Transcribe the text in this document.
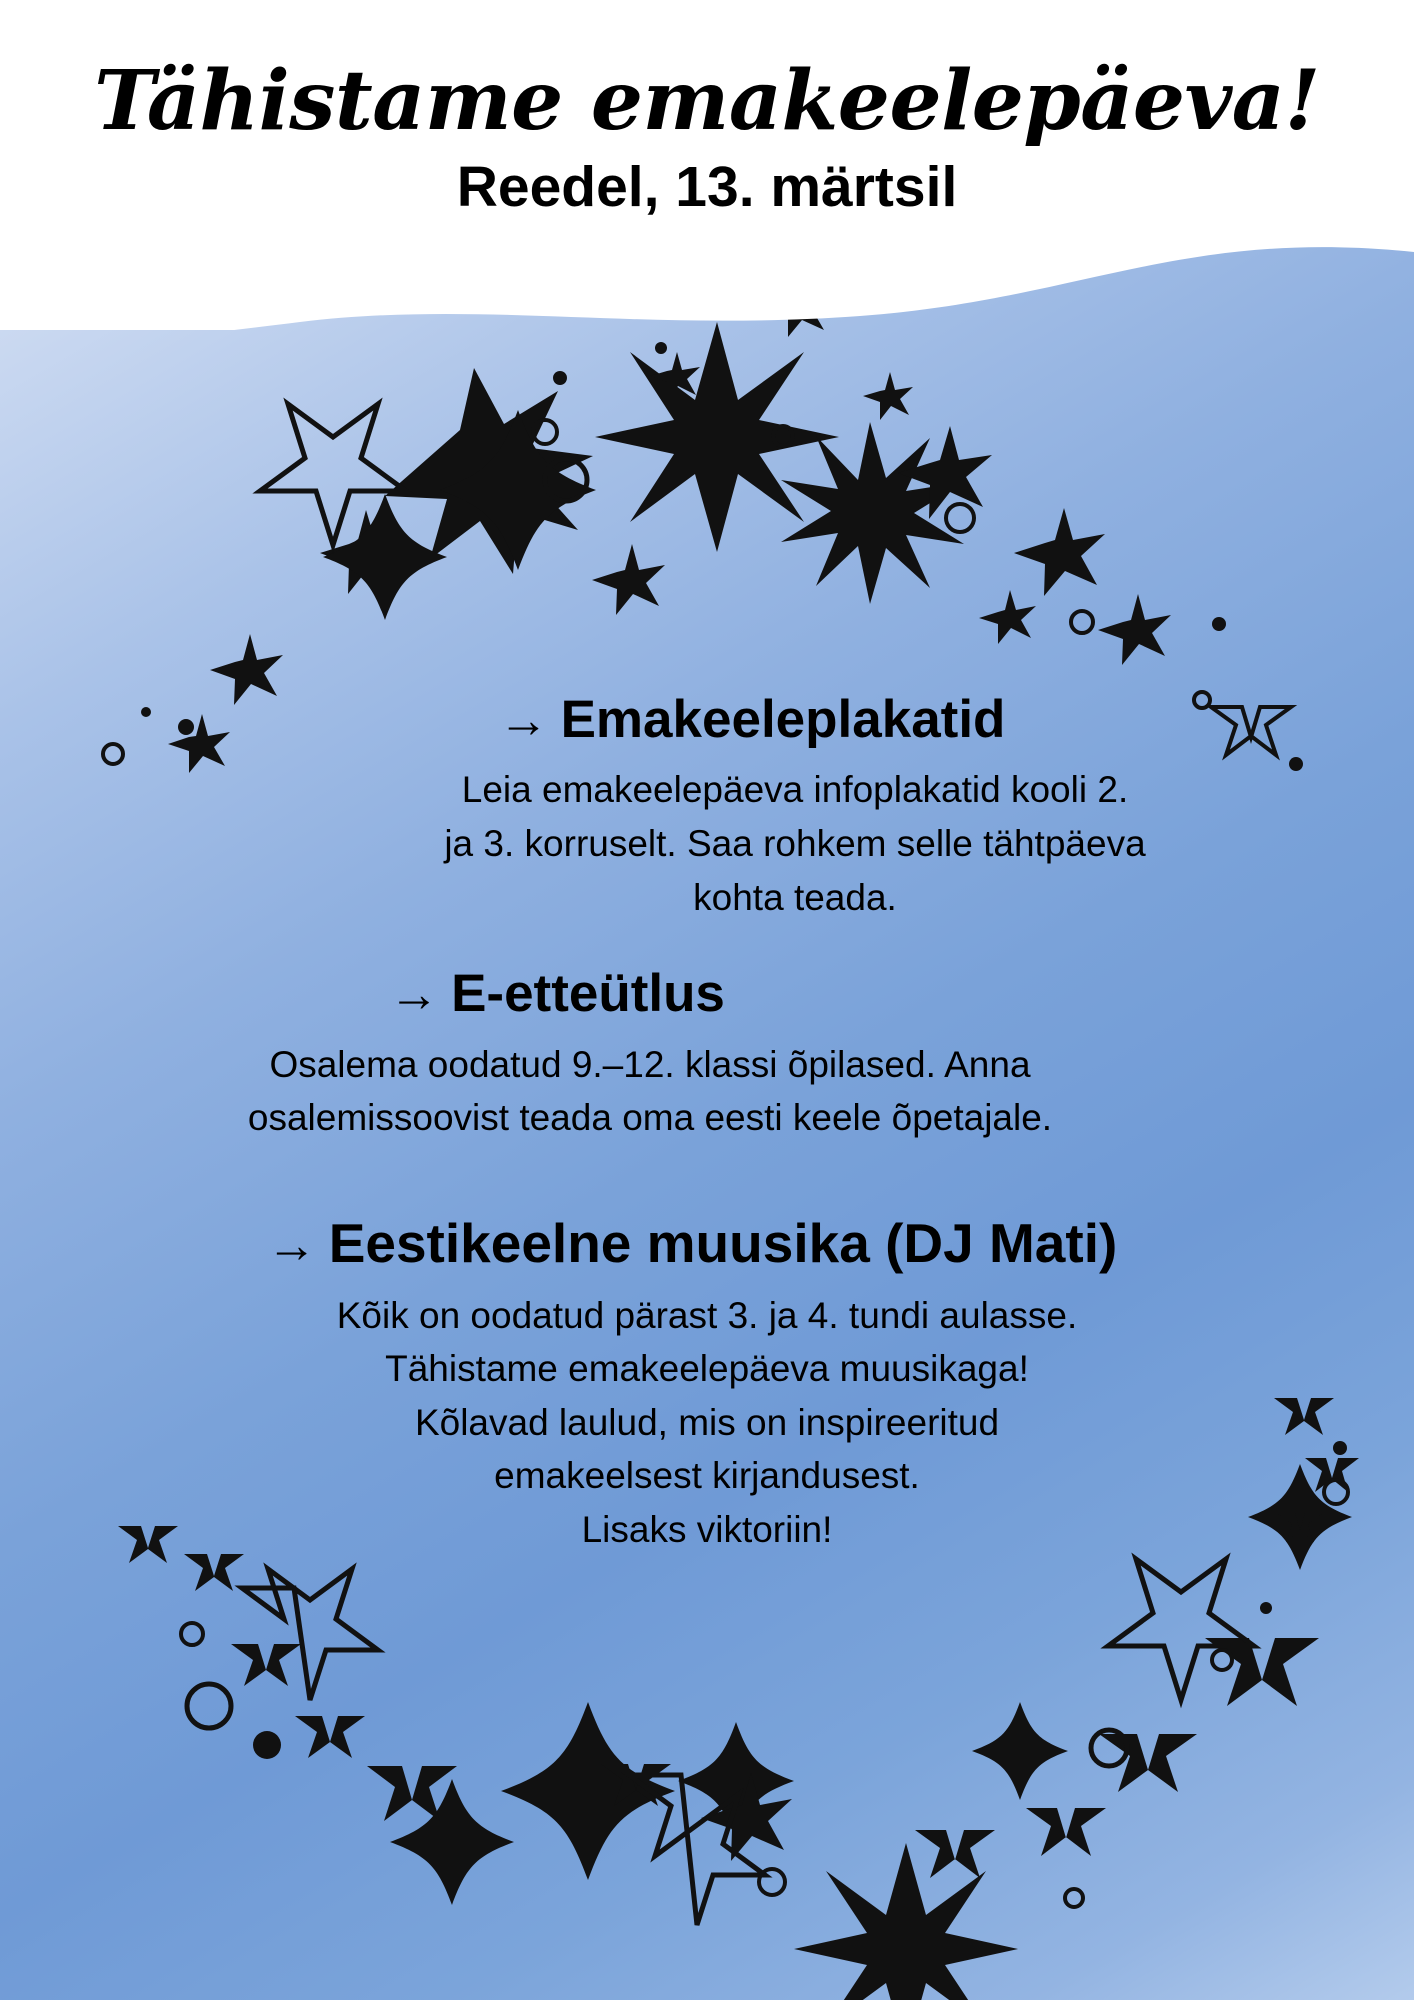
Tähistame emakeelepäeva!
Reedel, 13. märtsil
→ Emakeeleplakatid
Leia emakeelepäeva infoplakatid kooli 2.
ja 3. korruselt. Saa rohkem selle tähtpäeva
kohta teada.
→ E-etteütlus
Osalema oodatud 9.–12. klassi õpilased. Anna
osalemissoovist teada oma eesti keele õpetajale.
→ Eestikeelne muusika (DJ Mati)
Kõik on oodatud pärast 3. ja 4. tundi aulasse.
Tähistame emakeelepäeva muusikaga!
Kõlavad laulud, mis on inspireeritud
emakeelsest kirjandusest.
Lisaks viktoriin!
